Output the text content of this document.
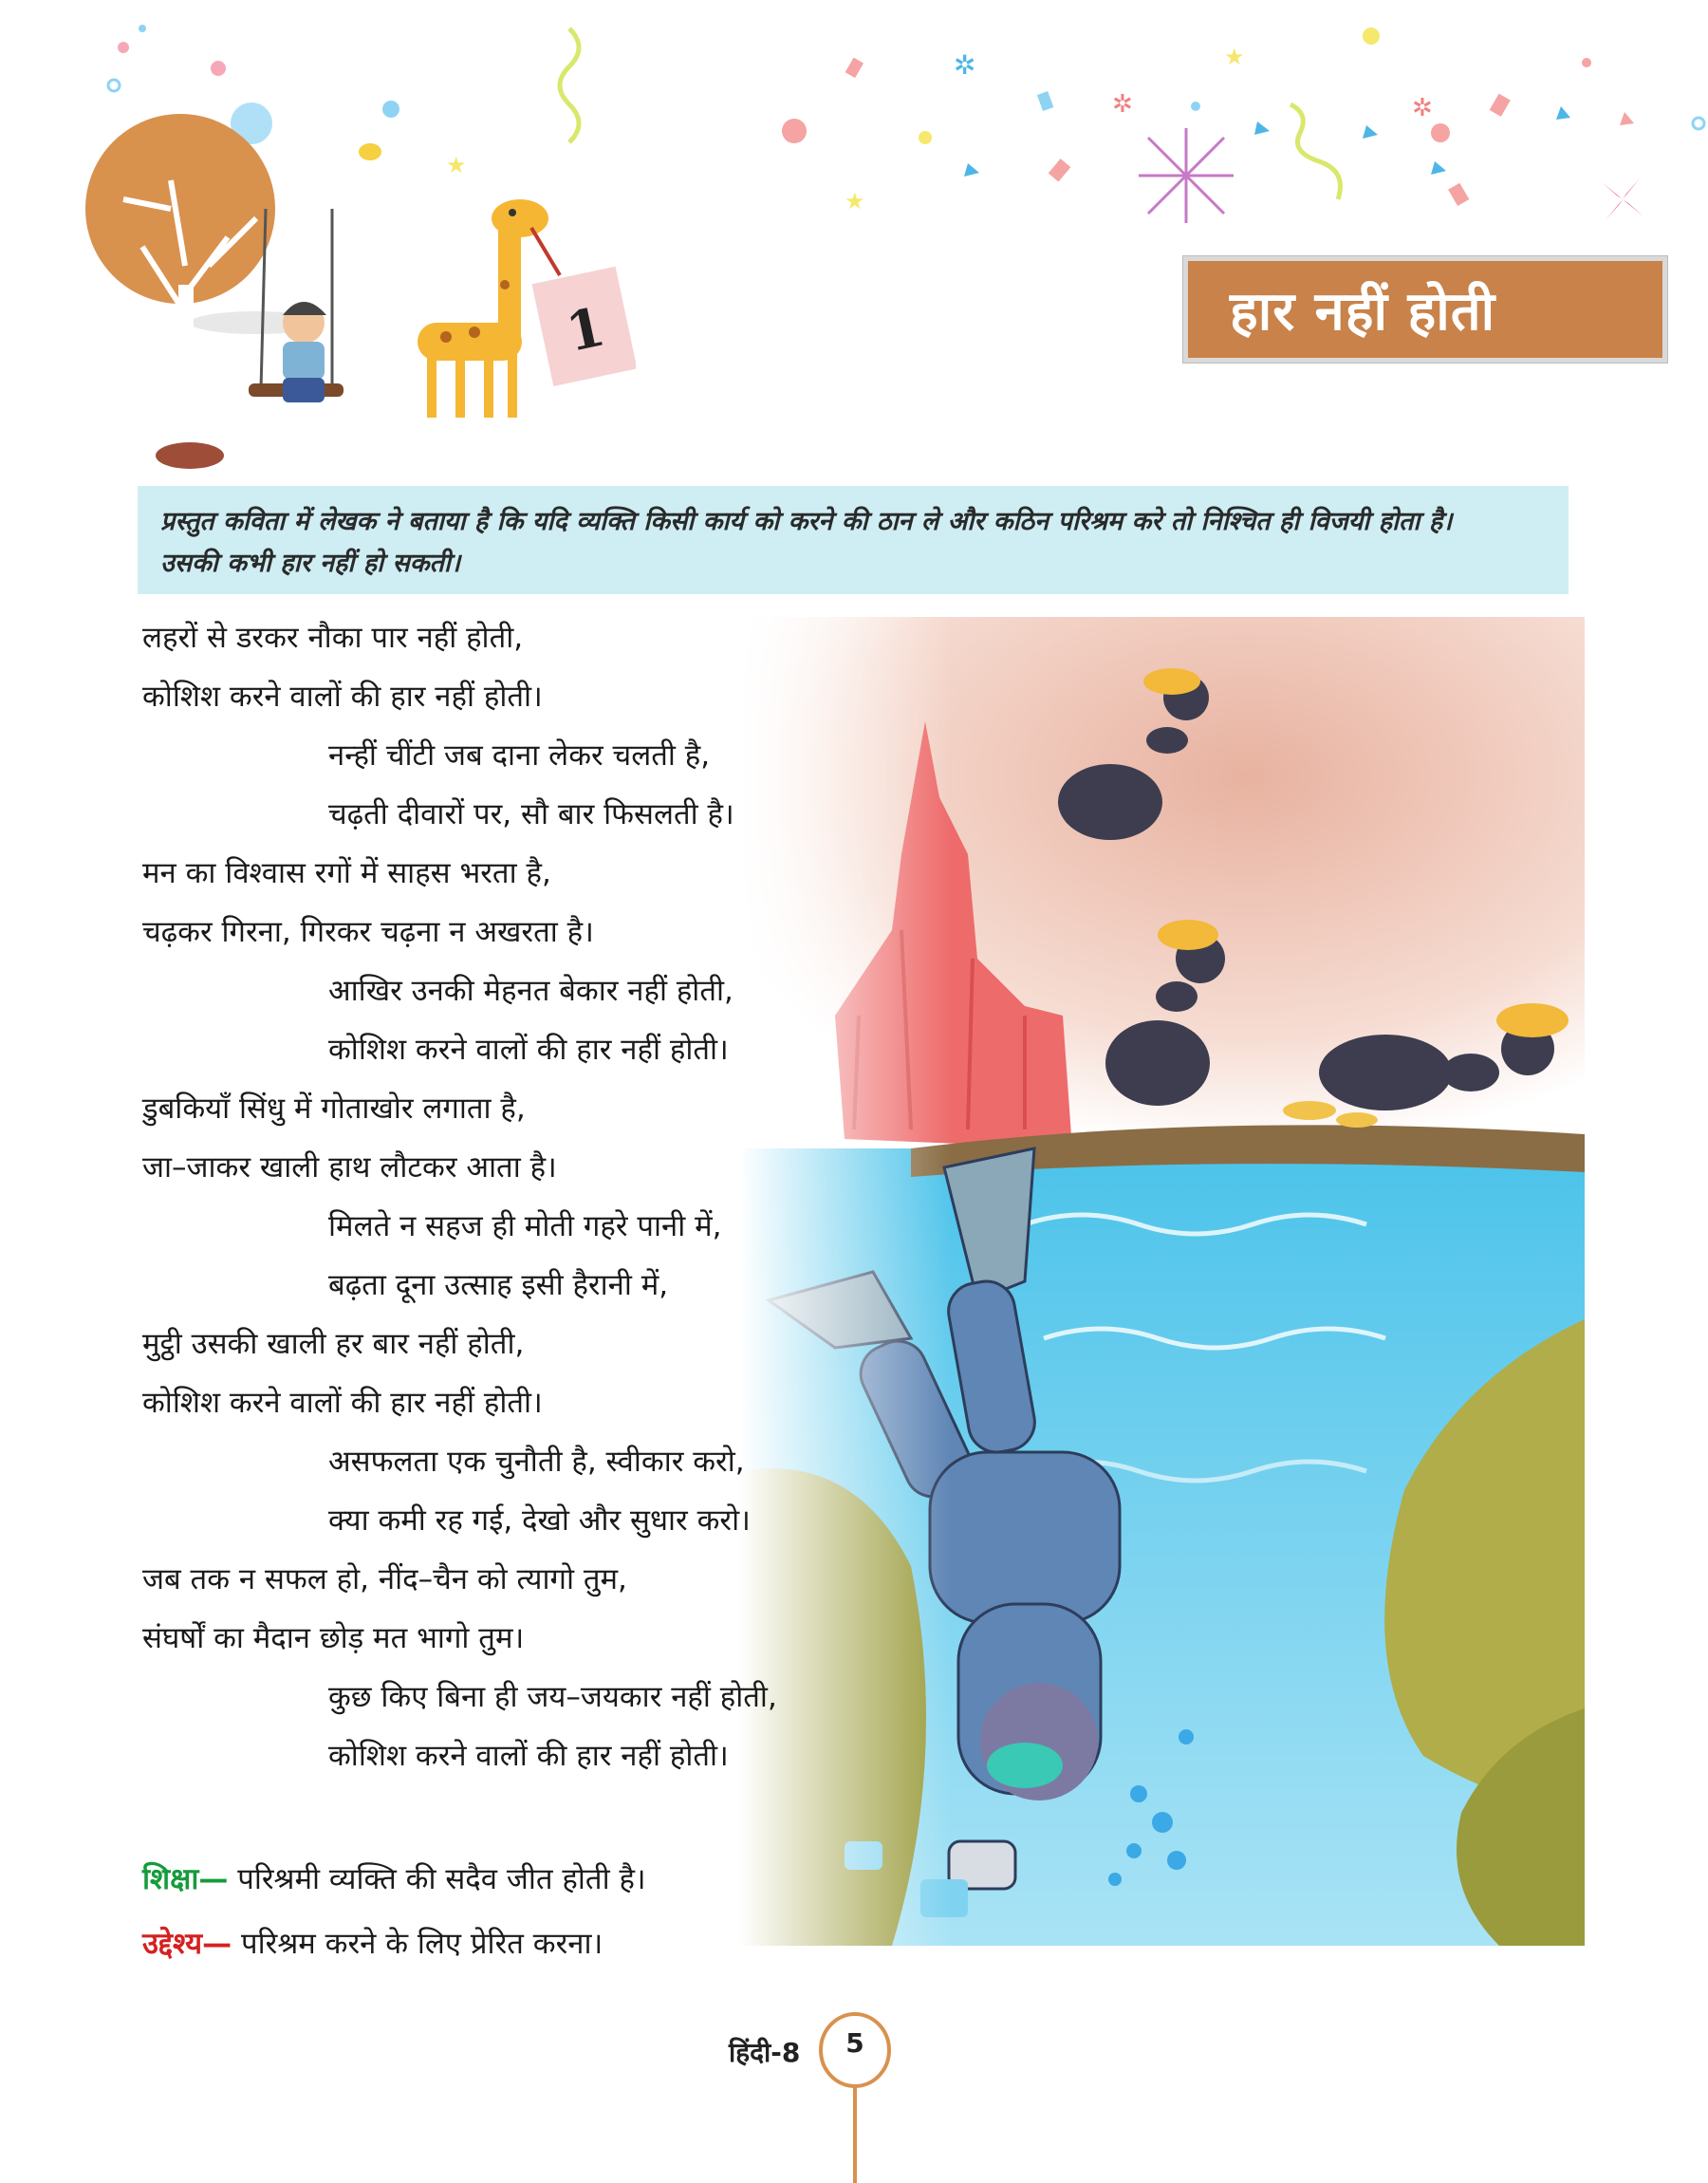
★
★
★
✲
✲	✲
1	हार नहीं होती
प्रस्तुत कविता में लेखक ने बताया है कि यदि व्यक्ति किसी कार्य को करने की ठान ले और कठिन परिश्रम करे तो निश्चित ही विजयी होता है।
उसकी कभी हार नहीं हो सकती।
लहरों से डरकर नौका पार नहीं होती,
कोशिश करने वालों की हार नहीं होती।
नन्हीं चींटी जब दाना लेकर चलती है,
चढ़ती दीवारों पर, सौ बार फिसलती है।
मन का विश्वास रगों में साहस भरता है,
चढ़कर गिरना, गिरकर चढ़ना न अखरता है।
आखिर उनकी मेहनत बेकार नहीं होती,
कोशिश करने वालों की हार नहीं होती।
डुबकियाँ सिंधु में गोताखोर लगाता है,
जा–जाकर खाली हाथ लौटकर आता है।
मिलते न सहज ही मोती गहरे पानी में,
बढ़ता दूना उत्साह इसी हैरानी में,
मुट्ठी उसकी खाली हर बार नहीं होती,
कोशिश करने वालों की हार नहीं होती।
असफलता एक चुनौती है, स्वीकार करो,
क्या कमी रह गई, देखो और सुधार करो।
जब तक न सफल हो, नींद–चैन को त्यागो तुम,
संघर्षों का मैदान छोड़ मत भागो तुम।
कुछ किए बिना ही जय–जयकार नहीं होती,
कोशिश करने वालों की हार नहीं होती।
शिक्षा— परिश्रमी व्यक्ति की सदैव जीत होती है।
उद्देश्य— परिश्रम करने के लिए प्रेरित करना।
हिंदी-8	5
